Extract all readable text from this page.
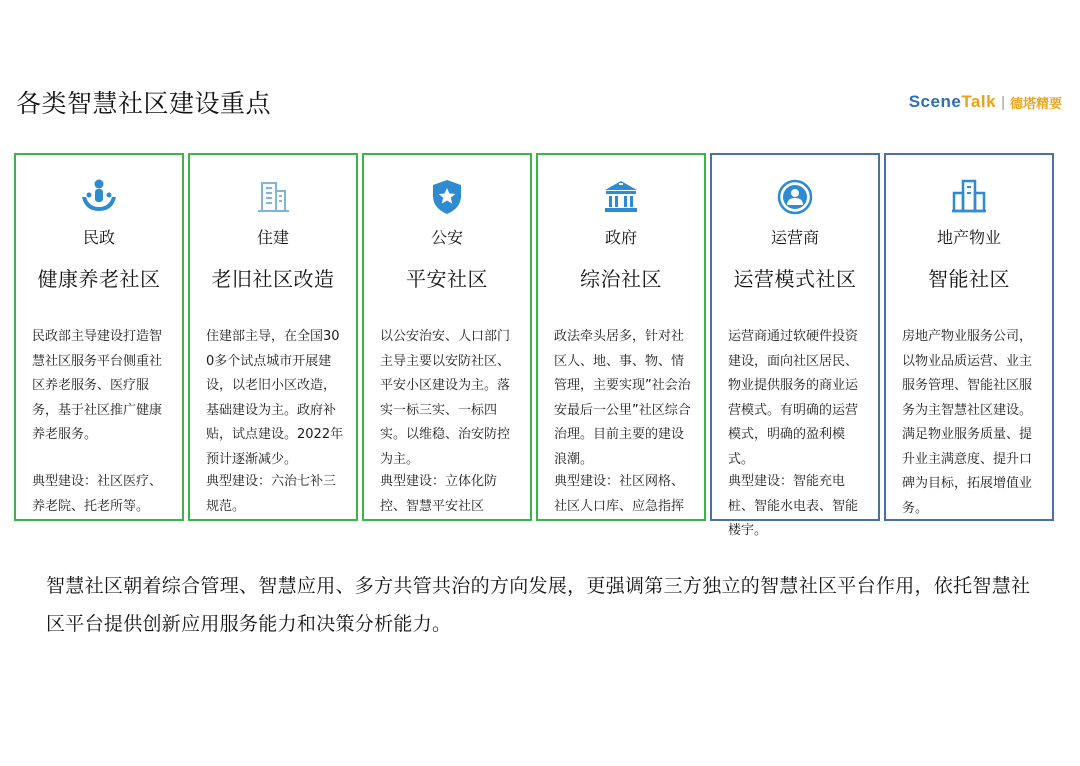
各类智慧社区建设重点	SceneTalk | 德塔精要
民政
健康养老社区
民政部主导建设打造智慧社区服务平台侧重社区养老服务、医疗服务，基于社区推广健康养老服务。
典型建设：社区医疗、养老院、托老所等。
住建
老旧社区改造
住建部主导，在全国300多个试点城市开展建设，以老旧小区改造，基础建设为主。政府补贴，试点建设。2022年预计逐渐减少。
典型建设：六治七补三规范。
公安
平安社区
以公安治安、人口部门主导主要以安防社区、平安小区建设为主。落实一标三实、一标四实。以维稳、治安防控为主。
典型建设：立体化防控、智慧平安社区
政府
综治社区
政法牵头居多，针对社区人、地、事、物、情管理，主要实现”社会治安最后一公里”社区综合治理。目前主要的建设浪潮。
典型建设：社区网格、社区人口库、应急指挥
运营商
运营模式社区
运营商通过软硬件投资建设，面向社区居民、物业提供服务的商业运营模式。有明确的运营模式，明确的盈利模式。
典型建设：智能充电桩、智能水电表、智能楼宇。
地产物业
智能社区
房地产物业服务公司，以物业品质运营、业主服务管理、智能社区服务为主智慧社区建设。满足物业服务质量、提升业主满意度、提升口碑为目标，拓展增值业务。
智慧社区朝着综合管理、智慧应用、多方共管共治的方向发展，更强调第三方独立的智慧社区平台作用，依托智慧社区平台提供创新应用服务能力和决策分析能力。
